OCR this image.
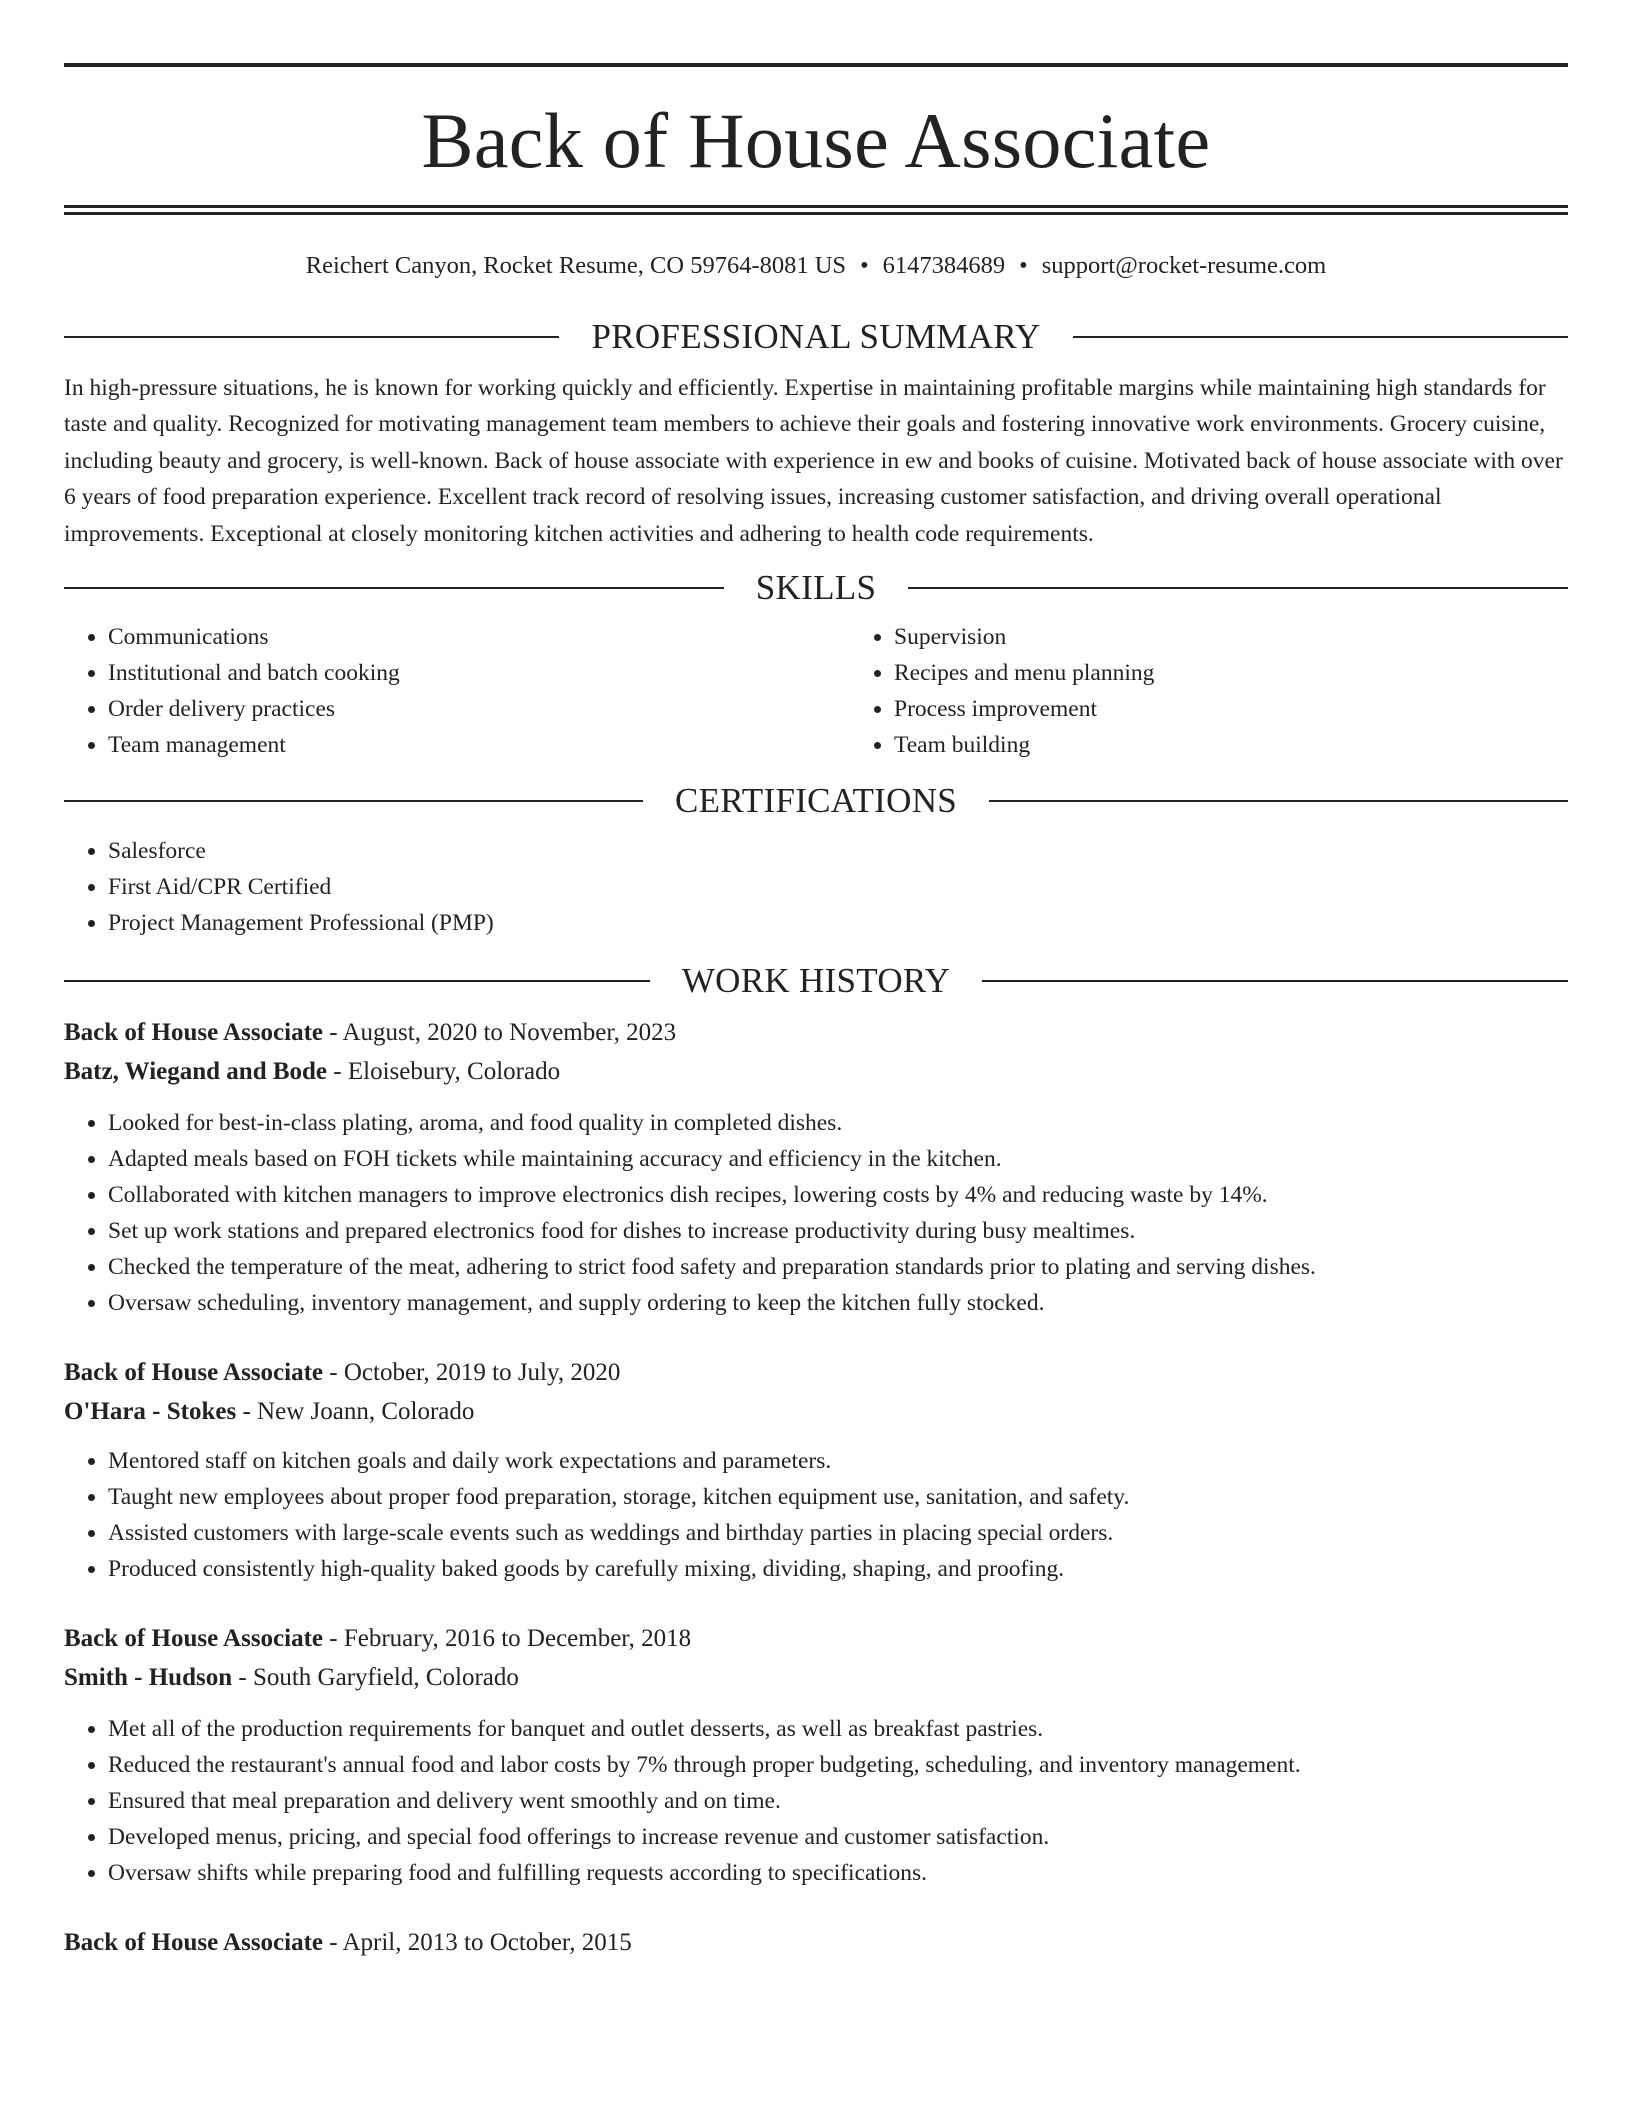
Back of House Associate
Reichert Canyon, Rocket Resume, CO 59764-8081 US • 6147384689 • support@rocket-resume.com
PROFESSIONAL SUMMARY

In high-pressure situations, he is known for working quickly and efficiently. Expertise in maintaining profitable margins while maintaining high standards for taste and quality. Recognized for motivating management team members to achieve their goals and fostering innovative work environments. Grocery cuisine, including beauty and grocery, is well-known. Back of house associate with experience in ew and books of cuisine. Motivated back of house associate with over 6 years of food preparation experience. Excellent track record of resolving issues, increasing customer satisfaction, and driving overall operational improvements. Exceptional at closely monitoring kitchen activities and adhering to health code requirements.

SKILLS
• Communications
• Institutional and batch cooking
• Order delivery practices
• Team management
• Supervision
• Recipes and menu planning
• Process improvement
• Team building
CERTIFICATIONS
• Salesforce
• First Aid/CPR Certified
• Project Management Professional (PMP)
WORK HISTORY
Back of House Associate - August, 2020 to November, 2023
Batz, Wiegand and Bode - Eloisebury, Colorado
• Looked for best-in-class plating, aroma, and food quality in completed dishes.
• Adapted meals based on FOH tickets while maintaining accuracy and efficiency in the kitchen.
• Collaborated with kitchen managers to improve electronics dish recipes, lowering costs by 4% and reducing waste by 14%.
• Set up work stations and prepared electronics food for dishes to increase productivity during busy mealtimes.
• Checked the temperature of the meat, adhering to strict food safety and preparation standards prior to plating and serving dishes.
• Oversaw scheduling, inventory management, and supply ordering to keep the kitchen fully stocked.
Back of House Associate - October, 2019 to July, 2020
O'Hara - Stokes - New Joann, Colorado
• Mentored staff on kitchen goals and daily work expectations and parameters.
• Taught new employees about proper food preparation, storage, kitchen equipment use, sanitation, and safety.
• Assisted customers with large-scale events such as weddings and birthday parties in placing special orders.
• Produced consistently high-quality baked goods by carefully mixing, dividing, shaping, and proofing.
Back of House Associate - February, 2016 to December, 2018
Smith - Hudson - South Garyfield, Colorado
• Met all of the production requirements for banquet and outlet desserts, as well as breakfast pastries.
• Reduced the restaurant's annual food and labor costs by 7% through proper budgeting, scheduling, and inventory management.
• Ensured that meal preparation and delivery went smoothly and on time.
• Developed menus, pricing, and special food offerings to increase revenue and customer satisfaction.
• Oversaw shifts while preparing food and fulfilling requests according to specifications.
Back of House Associate - April, 2013 to October, 2015
